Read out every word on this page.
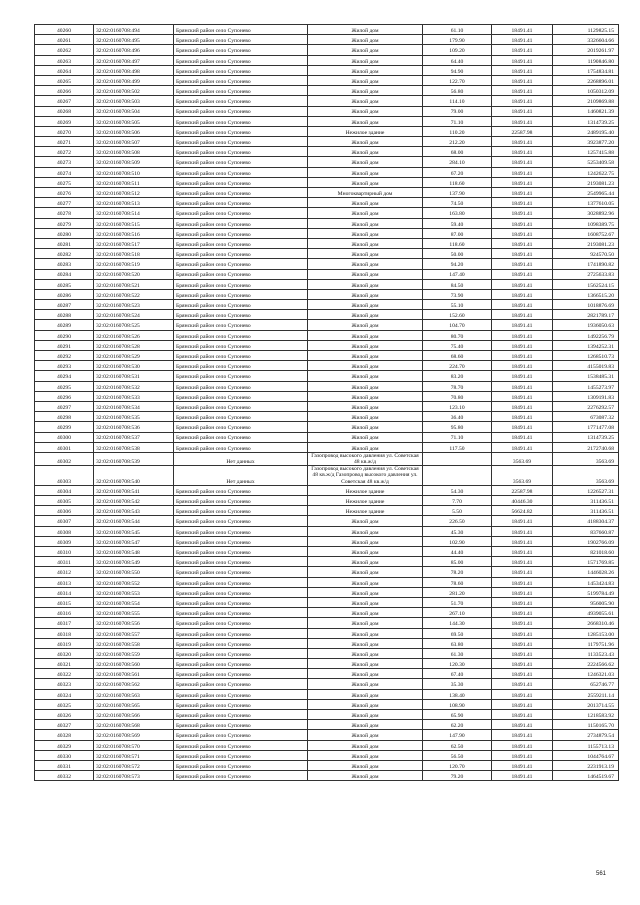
40260	32:02:0160708:494	Брянский район село Супонево	Жилой дом	61.10	18491.41	1129825.15
40261	32:02:0160708:495	Брянский район село Супонево	Жилой дом	179.90	18491.41	3326604.66
40262	32:02:0160708:496	Брянский район село Супонево	Жилой дом	109.20	18491.41	2019261.97
40263	32:02:0160708:497	Брянский район село Супонево	Жилой дом	64.40	18491.41	1190846.80
40264	32:02:0160708:498	Брянский район село Супонево	Жилой дом	94.90	18491.41	1754834.81
40265	32:02:0160708:499	Брянский район село Супонево	Жилой дом	122.70	18491.41	2268896.01
40266	32:02:0160708:502	Брянский район село Супонево	Жилой дом	56.80	18491.41	1050312.09
40267	32:02:0160708:503	Брянский район село Супонево	Жилой дом	114.10	18491.41	2109869.88
40268	32:02:0160708:504	Брянский район село Супонево	Жилой дом	79.00	18491.41	1460821.39
40269	32:02:0160708:505	Брянский район село Супонево	Жилой дом	71.10	18491.41	1314739.25
40270	32:02:0160708:506	Брянский район село Супонево	Нежилое здание	110.20	22587.98	2489195.40
40271	32:02:0160708:507	Брянский район село Супонево	Жилой дом	212.20	18491.41	3923877.20
40272	32:02:0160708:508	Брянский район село Супонево	Жилой дом	68.00	18491.41	1257415.88
40273	32:02:0160708:509	Брянский район село Супонево	Жилой дом	284.10	18491.41	5253409.58
40274	32:02:0160708:510	Брянский район село Супонево	Жилой дом	67.20	18491.41	1242622.75
40275	32:02:0160708:511	Брянский район село Супонево	Жилой дом	118.60	18491.41	2193081.23
40276	32:02:0160708:512	Брянский район село Супонево	Многоквартирный дом	137.90	18491.41	2549965.44
40277	32:02:0160708:513	Брянский район село Супонево	Жилой дом	74.50	18491.41	1377610.05
40278	32:02:0160708:514	Брянский район село Супонево	Жилой дом	163.80	18491.41	3028892.96
40279	32:02:0160708:515	Брянский район село Супонево	Жилой дом	59.40	18491.41	1098389.75
40280	32:02:0160708:516	Брянский район село Супонево	Жилой дом	87.00	18491.41	1608752.67
40281	32:02:0160708:517	Брянский район село Супонево	Жилой дом	118.60	18491.41	2193081.23
40282	32:02:0160708:518	Брянский район село Супонево	Жилой дом	50.00	18491.41	924570.50
40283	32:02:0160708:519	Брянский район село Супонево	Жилой дом	94.20	18491.41	1741890.82
40284	32:02:0160708:520	Брянский район село Супонево	Жилой дом	147.40	18491.41	2725633.83
40285	32:02:0160708:521	Брянский район село Супонево	Жилой дом	84.50	18491.41	1562524.15
40286	32:02:0160708:522	Брянский район село Супонево	Жилой дом	73.90	18491.41	1366515.20
40287	32:02:0160708:523	Брянский район село Супонево	Жилой дом	55.10	18491.41	1018876.69
40288	32:02:0160708:524	Брянский район село Супонево	Жилой дом	152.60	18491.41	2821789.17
40289	32:02:0160708:525	Брянский район село Супонево	Жилой дом	104.70	18491.41	1936050.63
40290	32:02:0160708:526	Брянский район село Супонево	Жилой дом	80.70	18491.41	1492256.79
40291	32:02:0160708:528	Брянский район село Супонево	Жилой дом	75.40	18491.41	1394252.31
40292	32:02:0160708:529	Брянский район село Супонево	Жилой дом	68.60	18491.41	1268510.73
40293	32:02:0160708:530	Брянский район село Супонево	Жилой дом	224.70	18491.41	4155019.83
40294	32:02:0160708:531	Брянский район село Супонево	Жилой дом	83.20	18491.41	1538485.31
40295	32:02:0160708:532	Брянский район село Супонево	Жилой дом	78.70	18491.41	1455273.97
40296	32:02:0160708:533	Брянский район село Супонево	Жилой дом	70.80	18491.41	1309191.83
40297	32:02:0160708:534	Брянский район село Супонево	Жилой дом	123.10	18491.41	2276292.57
40298	32:02:0160708:535	Брянский район село Супонево	Жилой дом	36.40	18491.41	673087.32
40299	32:02:0160708:536	Брянский район село Супонево	Жилой дом	95.80	18491.41	1771477.08
40300	32:02:0160708:537	Брянский район село Супонево	Жилой дом	71.10	18491.41	1314739.25
40301	32:02:0160708:538	Брянский район село Супонево	Жилой дом	117.50	18491.41	2172740.68
40302	32:02:0160708:539	Нет данных	Газопровод высокого давления ул. Советская 48 кв.ж/д		3563.69	3563.69
40303	32:02:0160708:540	Нет данных	Газопровод высокого давления ул. Советская 48 кв.ж/д Газопровод высокого давления ул. Советская 48 кв.ж/д		3563.69	3563.69
40304	32:02:0160708:541	Брянский район село Супонево	Нежилое здание	54.30	22587.98	1226527.31
40305	32:02:0160708:542	Брянский район село Супонево	Нежилое здание	7.70	40446.30	311436.51
40306	32:02:0160708:543	Брянский район село Супонево	Нежилое здание	5.50	56624.82	311436.51
40307	32:02:0160708:544	Брянский район село Супонево	Жилой дом	226.50	18491.41	4188304.37
40308	32:02:0160708:545	Брянский район село Супонево	Жилой дом	45.30	18491.41	837660.87
40309	32:02:0160708:547	Брянский район село Супонево	Жилой дом	102.90	18491.41	1902766.09
40310	32:02:0160708:548	Брянский район село Супонево	Жилой дом	44.40	18491.41	821018.60
40311	32:02:0160708:549	Брянский район село Супонево	Жилой дом	85.00	18491.41	1571769.85
40312	32:02:0160708:550	Брянский район село Супонево	Жилой дом	78.20	18491.41	1446028.26
40313	32:02:0160708:552	Брянский район село Супонево	Жилой дом	78.60	18491.41	1453424.83
40314	32:02:0160708:553	Брянский район село Супонево	Жилой дом	281.20	18491.41	5199784.49
40315	32:02:0160708:554	Брянский район село Супонево	Жилой дом	51.70	18491.41	956005.90
40316	32:02:0160708:555	Брянский район село Супонево	Жилой дом	267.10	18491.41	4939055.61
40317	32:02:0160708:556	Брянский район село Супонево	Жилой дом	144.30	18491.41	2668310.46
40318	32:02:0160708:557	Брянский район село Супонево	Жилой дом	69.50	18491.41	1285153.00
40319	32:02:0160708:558	Брянский район село Супонево	Жилой дом	63.80	18491.41	1179751.96
40320	32:02:0160708:559	Брянский район село Супонево	Жилой дом	61.30	18491.41	1133523.43
40321	32:02:0160708:560	Брянский район село Супонево	Жилой дом	120.30	18491.41	2224566.62
40322	32:02:0160708:561	Брянский район село Супонево	Жилой дом	67.40	18491.41	1246321.03
40323	32:02:0160708:562	Брянский район село Супонево	Жилой дом	35.30	18491.41	652746.77
40324	32:02:0160708:563	Брянский район село Супонево	Жилой дом	138.40	18491.41	2559211.14
40325	32:02:0160708:565	Брянский район село Супонево	Жилой дом	108.90	18491.41	2013714.55
40326	32:02:0160708:566	Брянский район село Супонево	Жилой дом	65.90	18491.41	1218583.92
40327	32:02:0160708:568	Брянский район село Супонево	Жилой дом	62.20	18491.41	1150165.70
40328	32:02:0160708:569	Брянский район село Супонево	Жилой дом	147.90	18491.41	2734879.54
40329	32:02:0160708:570	Брянский район село Супонево	Жилой дом	62.50	18491.41	1155713.13
40330	32:02:0160708:571	Брянский район село Супонево	Жилой дом	56.50	18491.41	1044764.67
40331	32:02:0160708:572	Брянский район село Супонево	Жилой дом	120.70	18491.41	2231913.19
40332	32:02:0160708:573	Брянский район село Супонево	Жилой дом	79.20	18491.41	1464519.67
561
